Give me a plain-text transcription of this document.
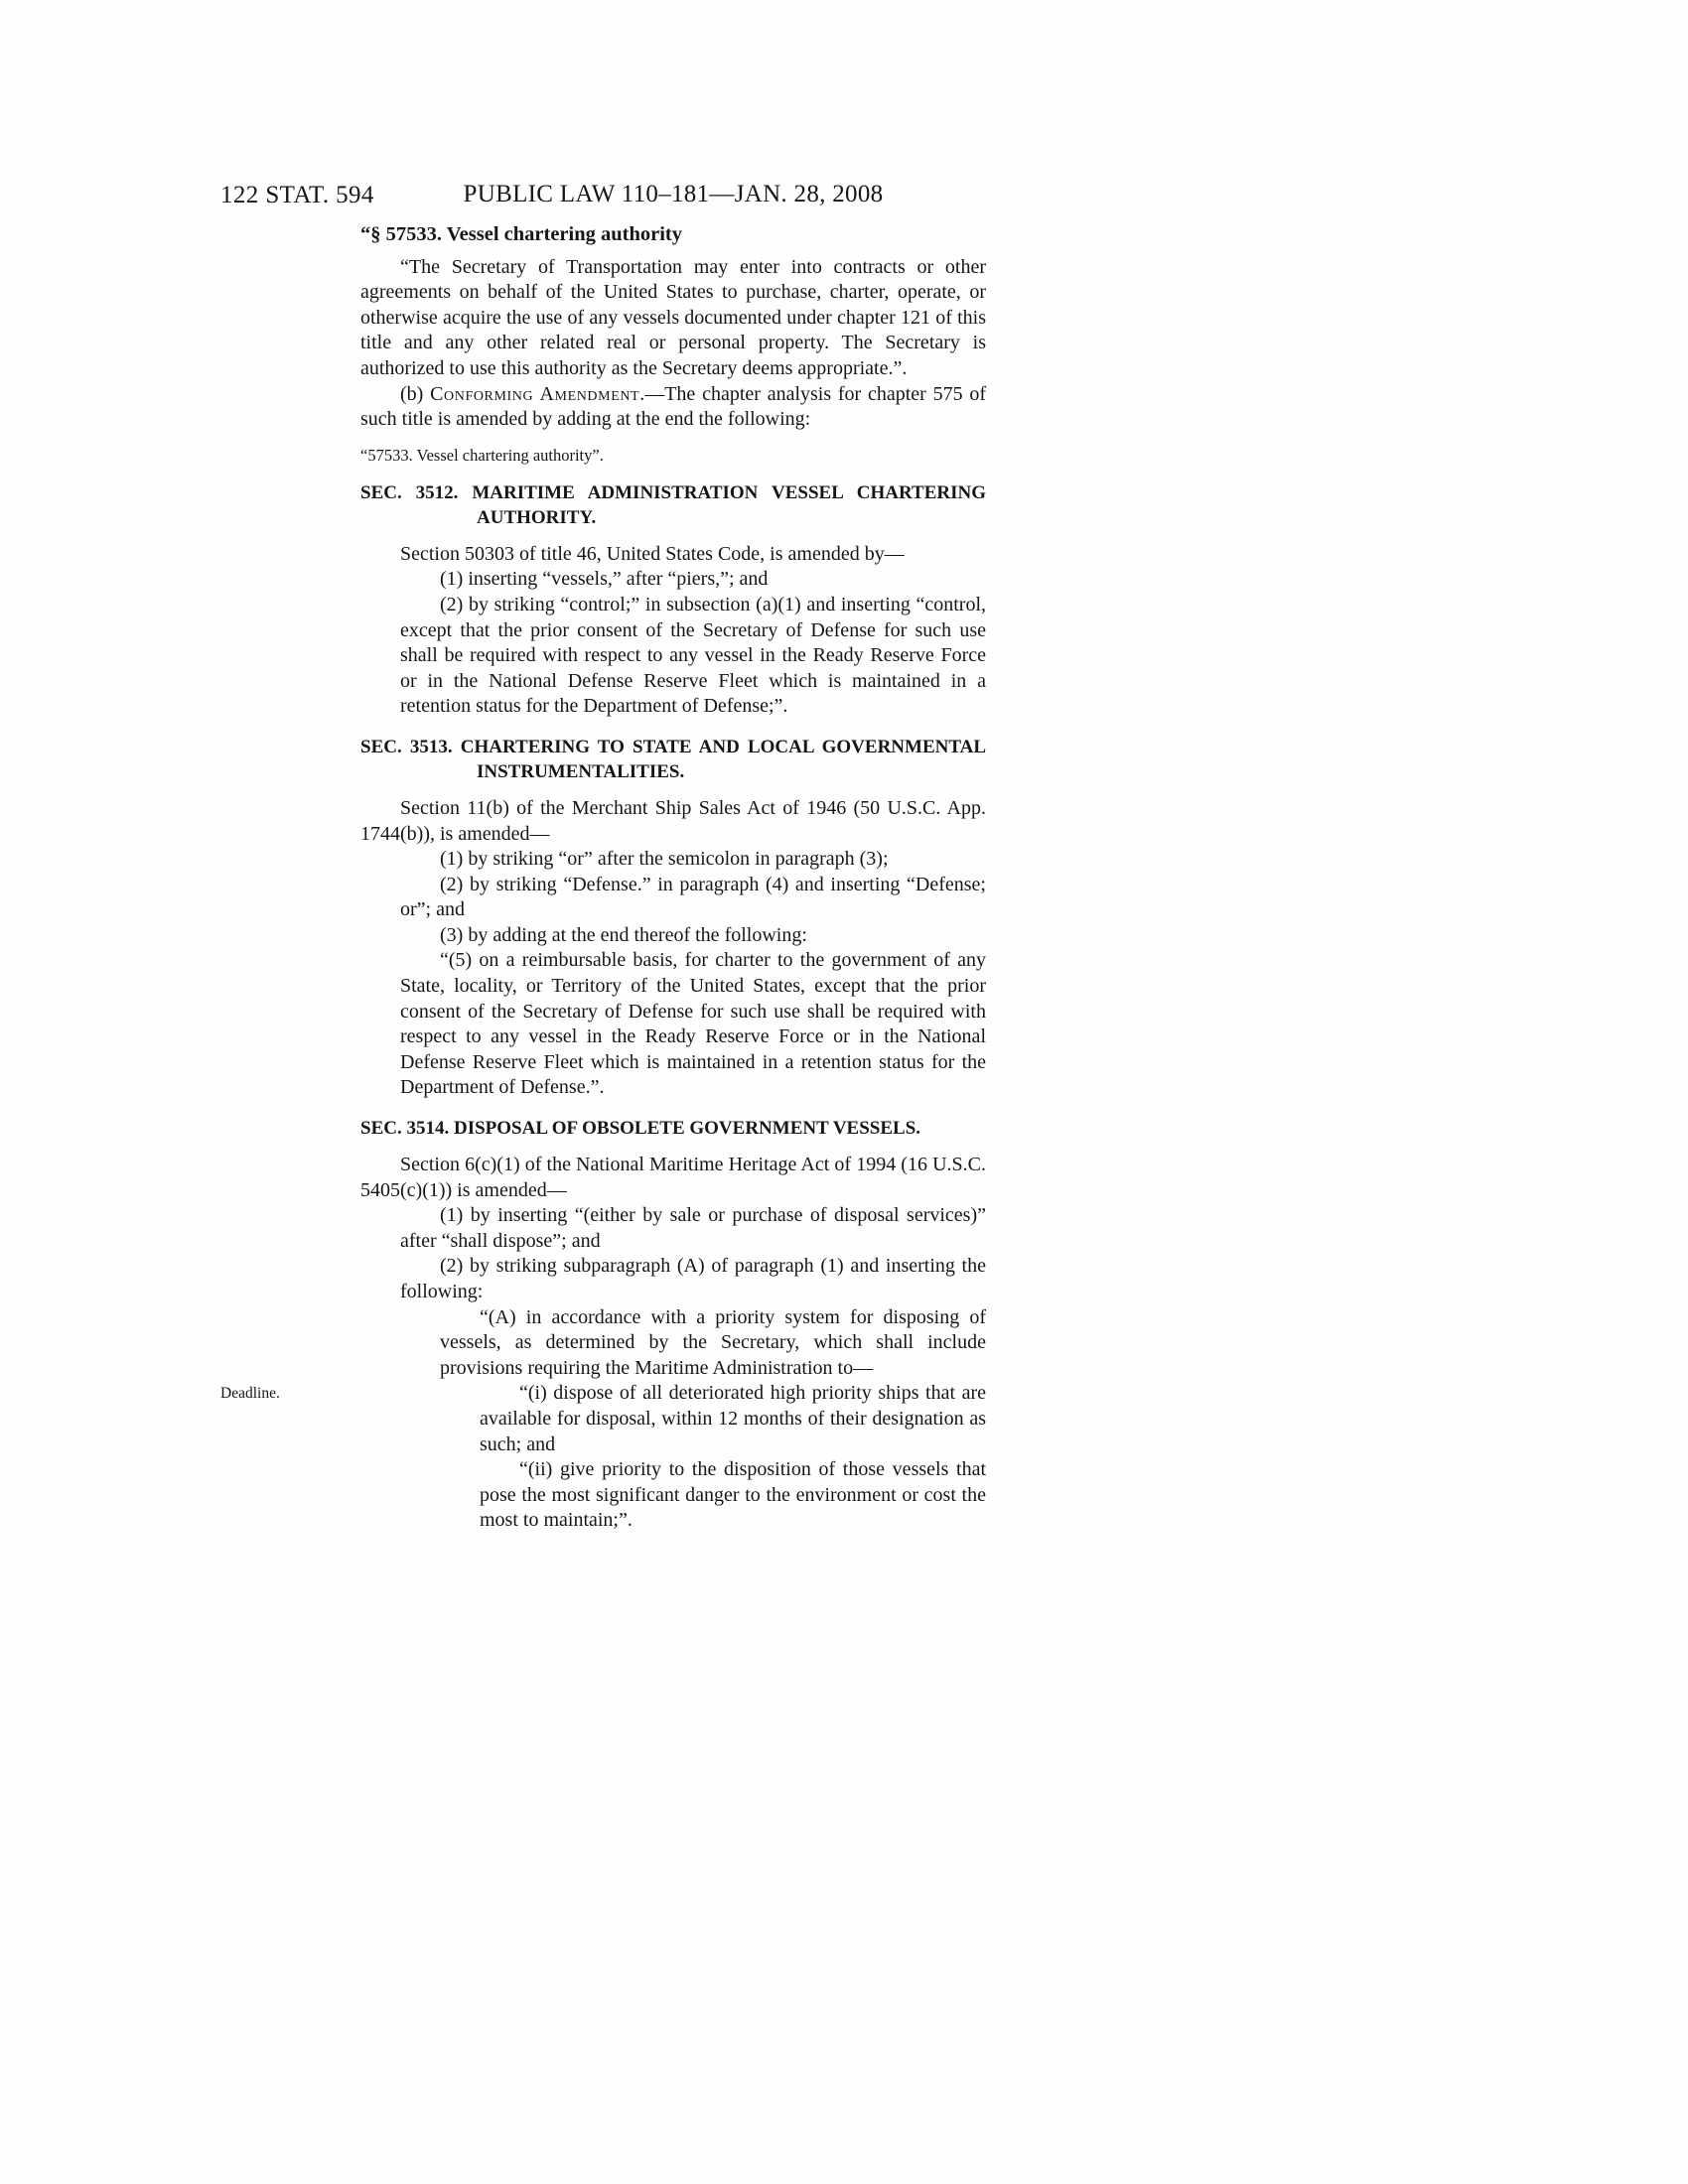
122 STAT. 594	PUBLIC LAW 110–181—JAN. 28, 2008
“§ 57533. Vessel chartering authority
“The Secretary of Transportation may enter into contracts or other agreements on behalf of the United States to purchase, charter, operate, or otherwise acquire the use of any vessels documented under chapter 121 of this title and any other related real or personal property. The Secretary is authorized to use this authority as the Secretary deems appropriate.”.
(b) Conforming Amendment.—The chapter analysis for chapter 575 of such title is amended by adding at the end the following:
“57533. Vessel chartering authority”.
SEC. 3512. MARITIME ADMINISTRATION VESSEL CHARTERING AUTHORITY.
Section 50303 of title 46, United States Code, is amended by—
(1) inserting “vessels,” after “piers,”; and
(2) by striking “control;” in subsection (a)(1) and inserting “control, except that the prior consent of the Secretary of Defense for such use shall be required with respect to any vessel in the Ready Reserve Force or in the National Defense Reserve Fleet which is maintained in a retention status for the Department of Defense;”.
SEC. 3513. CHARTERING TO STATE AND LOCAL GOVERNMENTAL INSTRUMENTALITIES.
Section 11(b) of the Merchant Ship Sales Act of 1946 (50 U.S.C. App. 1744(b)), is amended—
(1) by striking “or” after the semicolon in paragraph (3);
(2) by striking “Defense.” in paragraph (4) and inserting “Defense; or”; and
(3) by adding at the end thereof the following:
“(5) on a reimbursable basis, for charter to the government of any State, locality, or Territory of the United States, except that the prior consent of the Secretary of Defense for such use shall be required with respect to any vessel in the Ready Reserve Force or in the National Defense Reserve Fleet which is maintained in a retention status for the Department of Defense.”.
SEC. 3514. DISPOSAL OF OBSOLETE GOVERNMENT VESSELS.
Section 6(c)(1) of the National Maritime Heritage Act of 1994 (16 U.S.C. 5405(c)(1)) is amended—
(1) by inserting “(either by sale or purchase of disposal services)” after “shall dispose”; and
(2) by striking subparagraph (A) of paragraph (1) and inserting the following:
“(A) in accordance with a priority system for disposing of vessels, as determined by the Secretary, which shall include provisions requiring the Maritime Administration to—
Deadline.	“(i) dispose of all deteriorated high priority ships that are available for disposal, within 12 months of their designation as such; and
“(ii) give priority to the disposition of those vessels that pose the most significant danger to the environment or cost the most to maintain;”.
